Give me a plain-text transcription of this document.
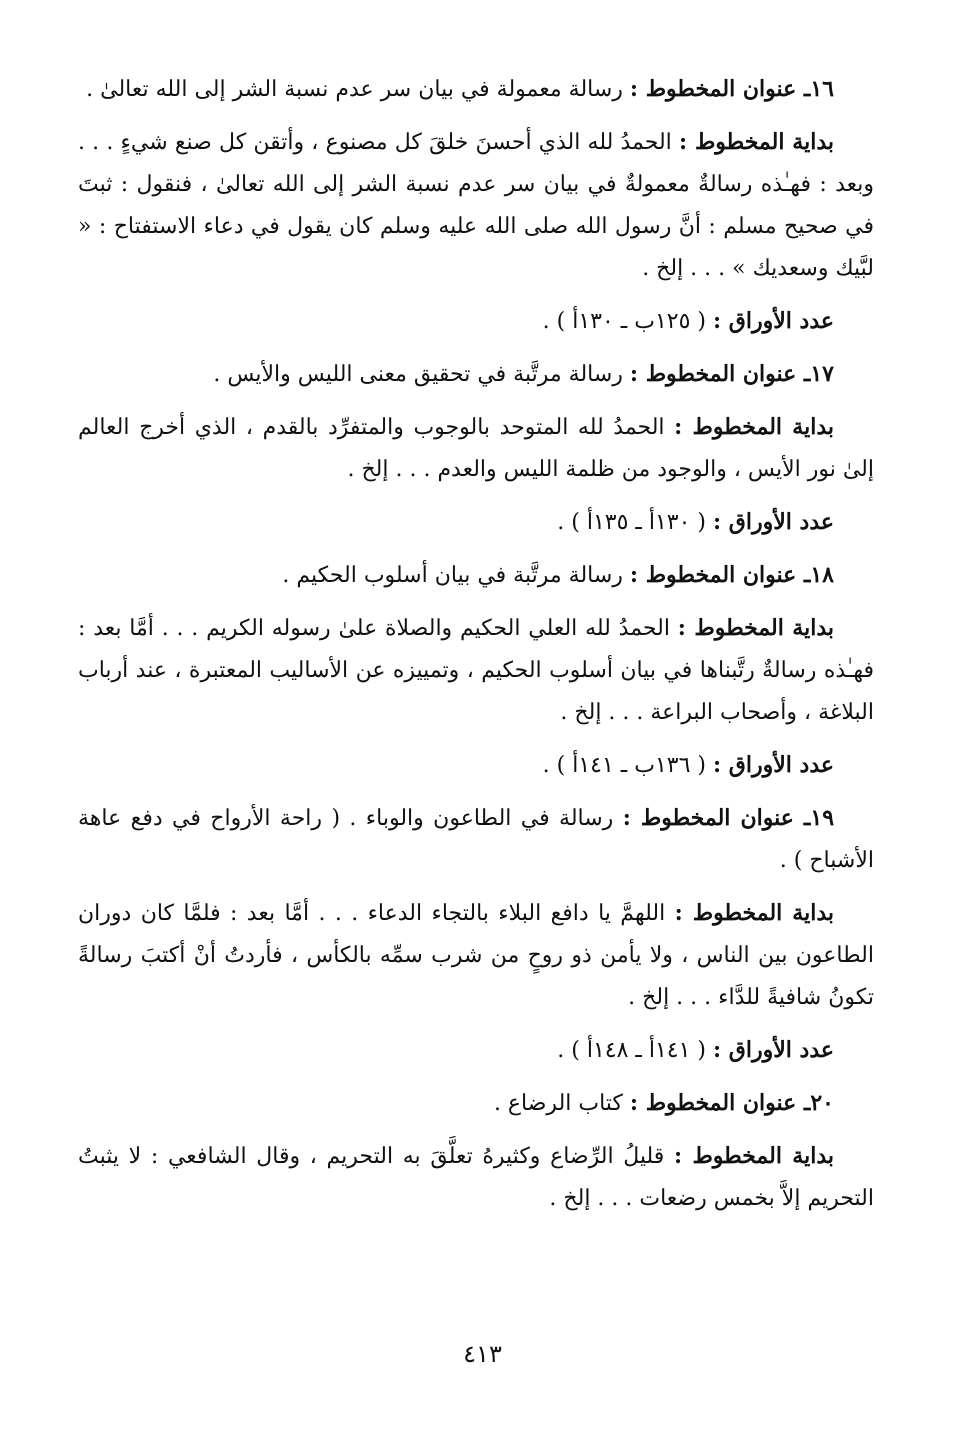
١٦ـ عنوان المخطوط : رسالة معمولة في بيان سر عدم نسبة الشر إلى الله تعالىٰ .

بداية المخطوط : الحمدُ لله الذي أحسنَ خلقَ كل مصنوع ، وأتقن كل صنع شيءٍ . . . وبعد : فهـٰذه رسالةٌ معمولةٌ في بيان سر عدم نسبة الشر إلى الله تعالىٰ ، فنقول : ثبتَ في صحيح مسلم : أنَّ رسول الله صلى الله عليه وسلم كان يقول في دعاء الاستفتاح : « لبَّيك وسعديك » . . . إلخ .

عدد الأوراق : ( ١٢٥ب ـ ١٣٠أ ) .

١٧ـ عنوان المخطوط : رسالة مرتَّبة في تحقيق معنى الليس والأيس .

بداية المخطوط : الحمدُ لله المتوحد بالوجوب والمتفرِّد بالقدم ، الذي أخرج العالم إلىٰ نور الأيس ، والوجود من ظلمة الليس والعدم . . . إلخ .

عدد الأوراق : ( ١٣٠أ ـ ١٣٥أ ) .

١٨ـ عنوان المخطوط : رسالة مرتَّبة في بيان أسلوب الحكيم .

بداية المخطوط : الحمدُ لله العلي الحكيم والصلاة علىٰ رسوله الكريم . . . أمَّا بعد : فهـٰذه رسالةٌ رتَّبناها في بيان أسلوب الحكيم ، وتمييزه عن الأساليب المعتبرة ، عند أرباب البلاغة ، وأصحاب البراعة . . . إلخ .

عدد الأوراق : ( ١٣٦ب ـ ١٤١أ ) .

١٩ـ عنوان المخطوط : رسالة في الطاعون والوباء . ( راحة الأرواح في دفع عاهة الأشباح ) .

بداية المخطوط : اللهمَّ يا دافع البلاء بالتجاء الدعاء . . . أمَّا بعد : فلمَّا كان دوران الطاعون بين الناس ، ولا يأمن ذو روحٍ من شرب سمِّه بالكأس ، فأردتُ أنْ أكتبَ رسالةً تكونُ شافيةً للدَّاء . . . إلخ .

عدد الأوراق : ( ١٤١أ ـ ١٤٨أ ) .

٢٠ـ عنوان المخطوط : كتاب الرضاع .

بداية المخطوط : قليلُ الرِّضاع وكثيرهُ تعلَّقَ به التحريم ، وقال الشافعي : لا يثبتُ التحريم إلاَّ بخمس رضعات . . . إلخ .

٤١٣
